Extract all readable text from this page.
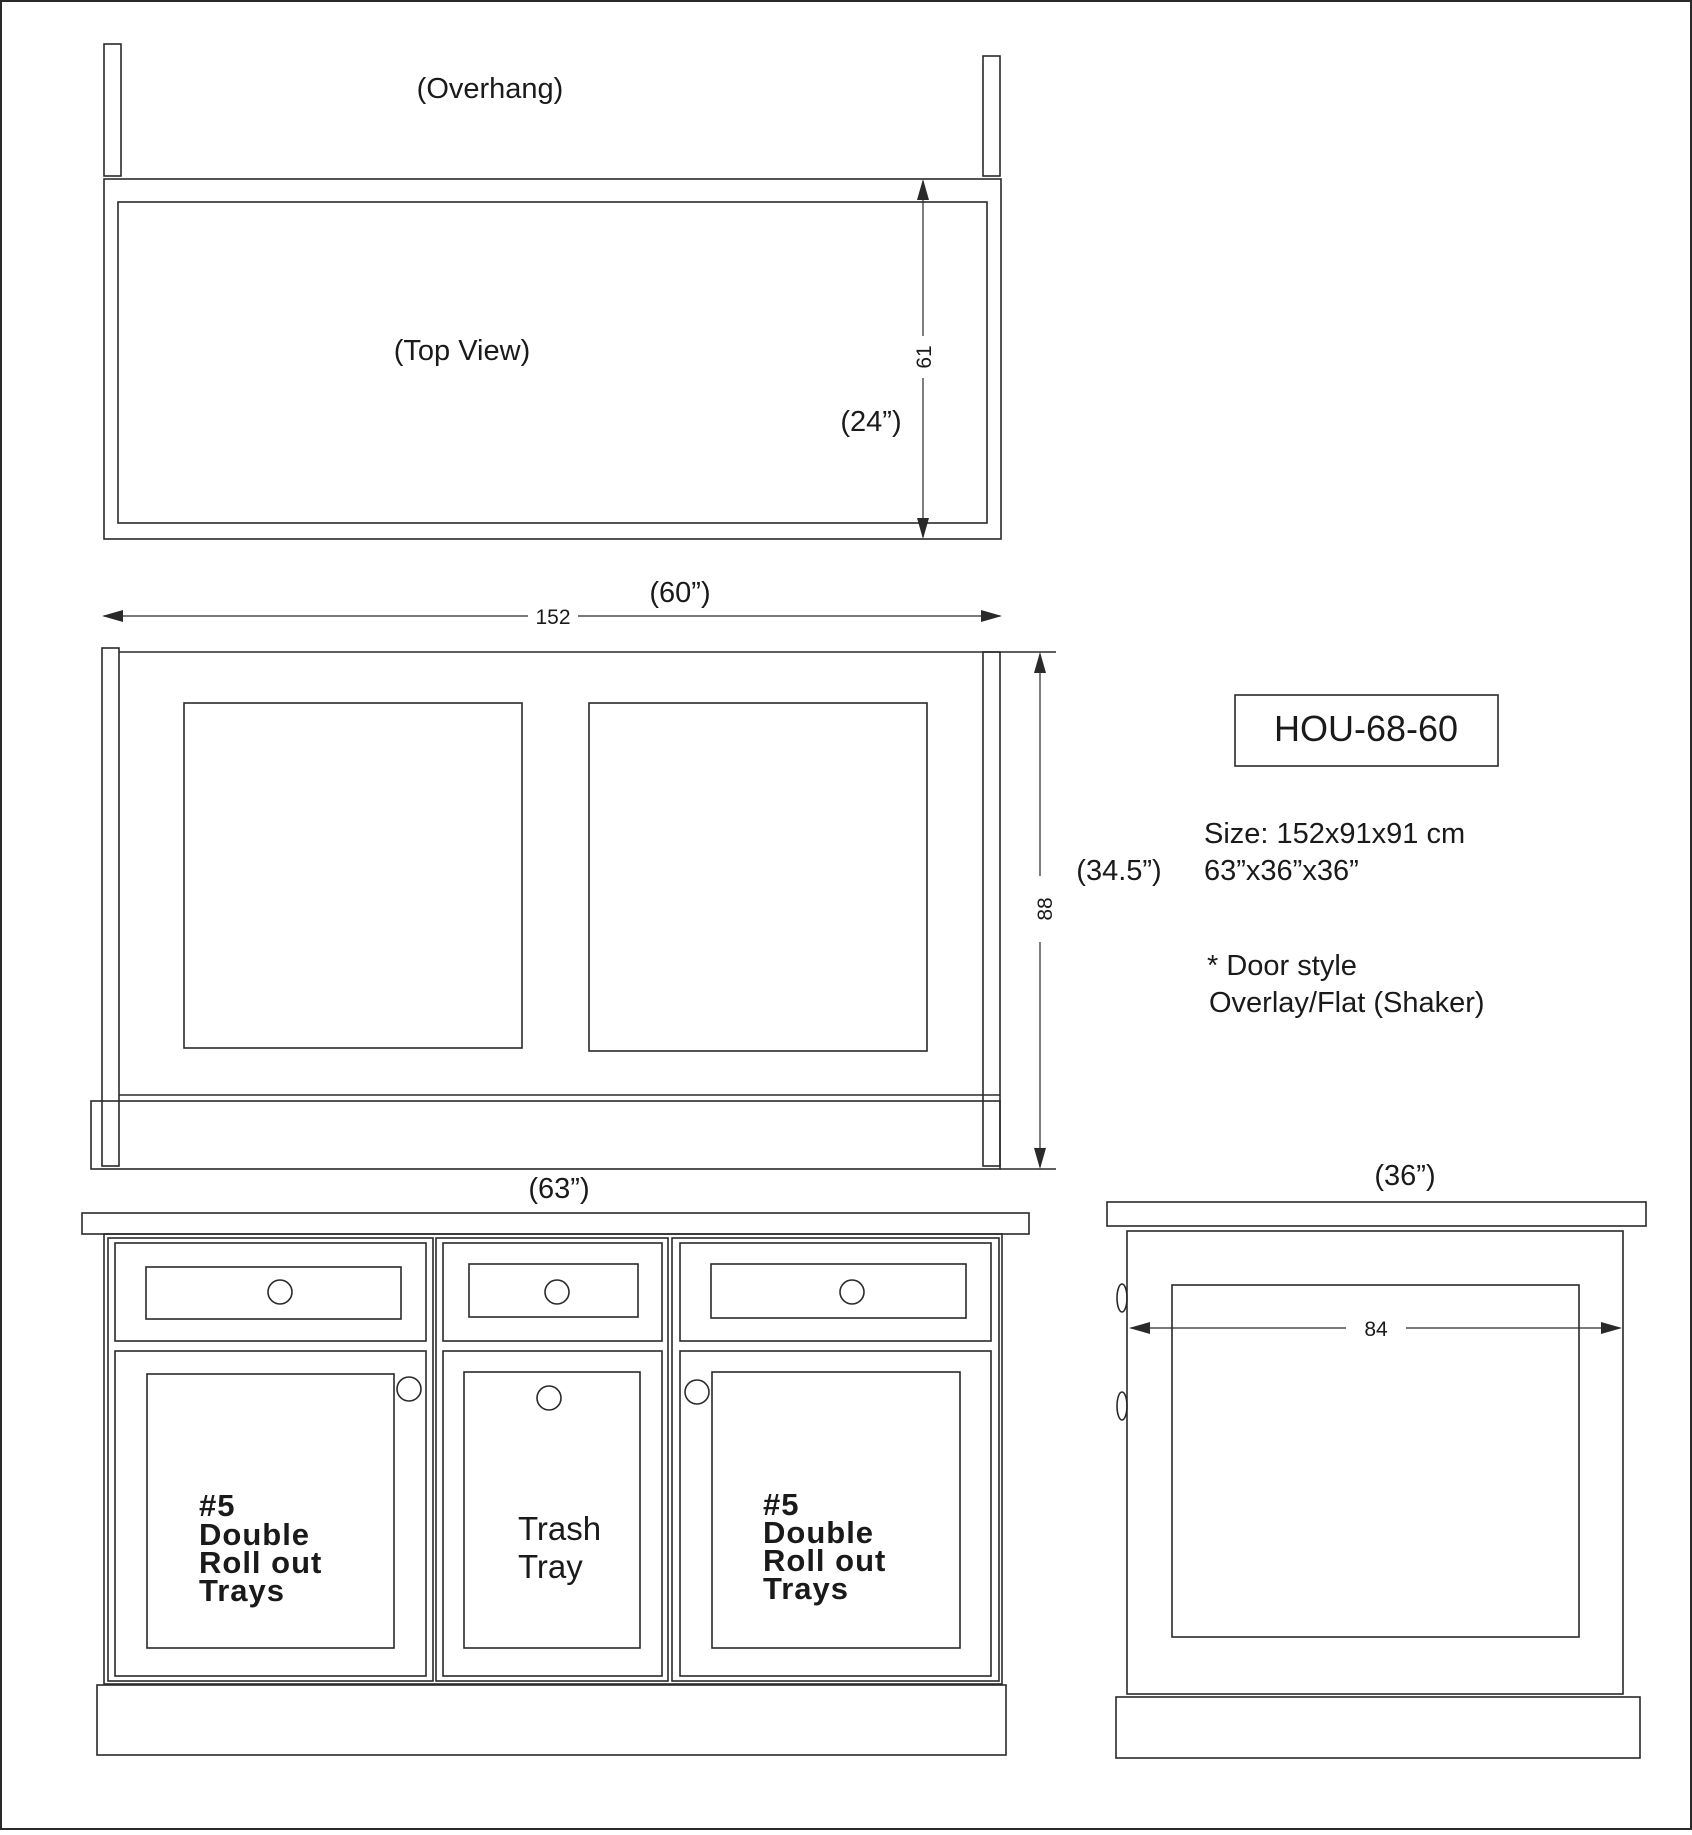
(Overhang)
(Top View)	61
(24”)
(60”)
152
88
(34.5”)
HOU-68-60
Size: 152x91x91 cm
63”x36”x36”
* Door style
Overlay/Flat (Shaker)
(63”)
#5 Double Roll out Trays
Trash Tray
#5 Double Roll out Trays
(36”)
84
